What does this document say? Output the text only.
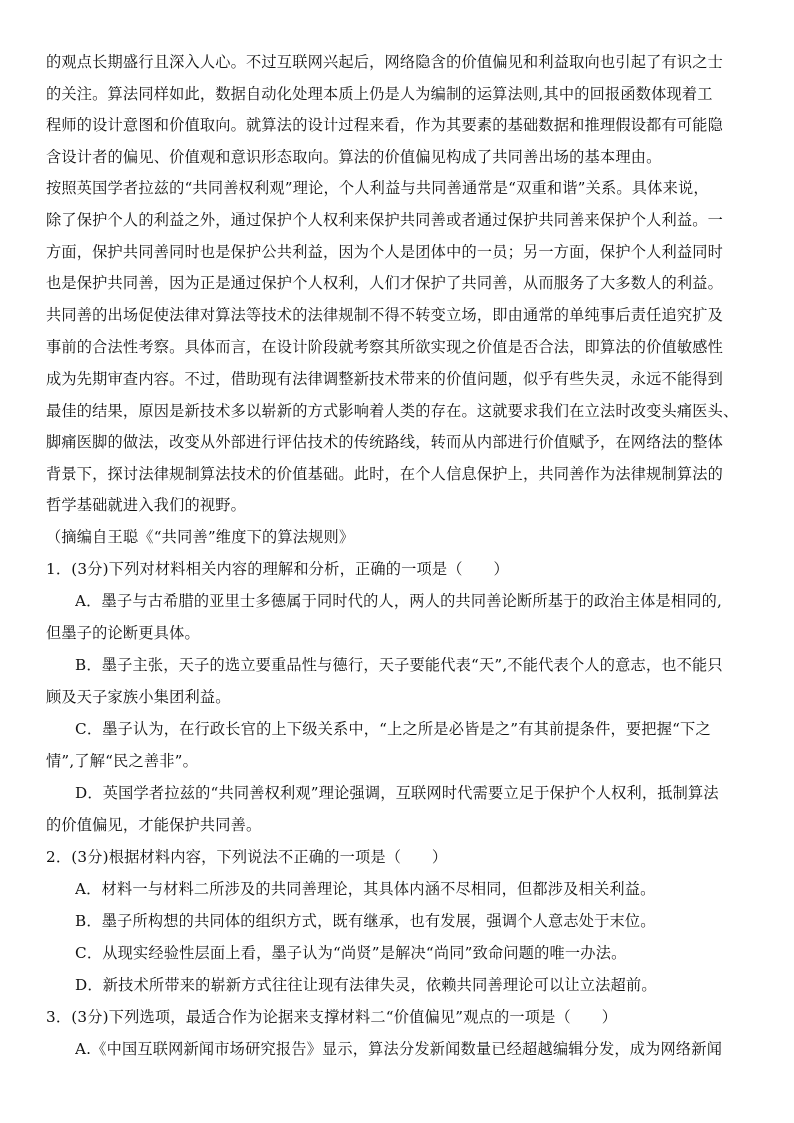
的观点长期盛行且深入人心。不过互联网兴起后，网络隐含的价值偏见和利益取向也引起了有识之士
的关注。算法同样如此，数据自动化处理本质上仍是人为编制的运算法则,其中的回报函数体现着工
程师的设计意图和价值取向。就算法的设计过程来看，作为其要素的基础数据和推理假设都有可能隐
含设计者的偏见、价值观和意识形态取向。算法的价值偏见构成了共同善出场的基本理由。
按照英国学者拉兹的“共同善权利观”理论，个人利益与共同善通常是“双重和谐”关系。具体来说，
除了保护个人的利益之外，通过保护个人权利来保护共同善或者通过保护共同善来保护个人利益。一
方面，保护共同善同时也是保护公共利益，因为个人是团体中的一员；另一方面，保护个人利益同时
也是保护共同善，因为正是通过保护个人权利，人们才保护了共同善，从而服务了大多数人的利益。
共同善的出场促使法律对算法等技术的法律规制不得不转变立场，即由通常的单纯事后责任追究扩及
事前的合法性考察。具体而言，在设计阶段就考察其所欲实现之价值是否合法，即算法的价值敏感性
成为先期审查内容。不过，借助现有法律调整新技术带来的价值问题，似乎有些失灵，永远不能得到
最佳的结果，原因是新技术多以崭新的方式影响着人类的存在。这就要求我们在立法时改变头痛医头、
脚痛医脚的做法，改变从外部进行评估技术的传统路线，转而从内部进行价值赋予，在网络法的整体
背景下，探讨法律规制算法技术的价值基础。此时，在个人信息保护上，共同善作为法律规制算法的
哲学基础就进入我们的视野。
（摘编自王聪《“共同善”维度下的算法规则》
1．(3分)下列对材料相关内容的理解和分析，正确的一项是（　　）
A．墨子与古希腊的亚里士多德属于同时代的人，两人的共同善论断所基于的政治主体是相同的,
但墨子的论断更具体。
B．墨子主张，天子的选立要重品性与德行，天子要能代表“天”,不能代表个人的意志，也不能只
顾及天子家族小集团利益。
C．墨子认为，在行政长官的上下级关系中，“上之所是必皆是之”有其前提条件，要把握“下之
情”,了解“民之善非”。
D．英国学者拉兹的“共同善权利观”理论强调，互联网时代需要立足于保护个人权利，抵制算法
的价值偏见，才能保护共同善。
2．(3分)根据材料内容，下列说法不正确的一项是（　　）
A．材料一与材料二所涉及的共同善理论，其具体内涵不尽相同，但都涉及相关利益。
B．墨子所构想的共同体的组织方式，既有继承，也有发展，强调个人意志处于末位。
C．从现实经验性层面上看，墨子认为“尚贤”是解决“尚同”致命问题的唯一办法。
D．新技术所带来的崭新方式往往让现有法律失灵，依赖共同善理论可以让立法超前。
3．(3分)下列选项，最适合作为论据来支撑材料二“价值偏见”观点的一项是（　　）
A.《中国互联网新闻市场研究报告》显示，算法分发新闻数量已经超越编辑分发，成为网络新闻
